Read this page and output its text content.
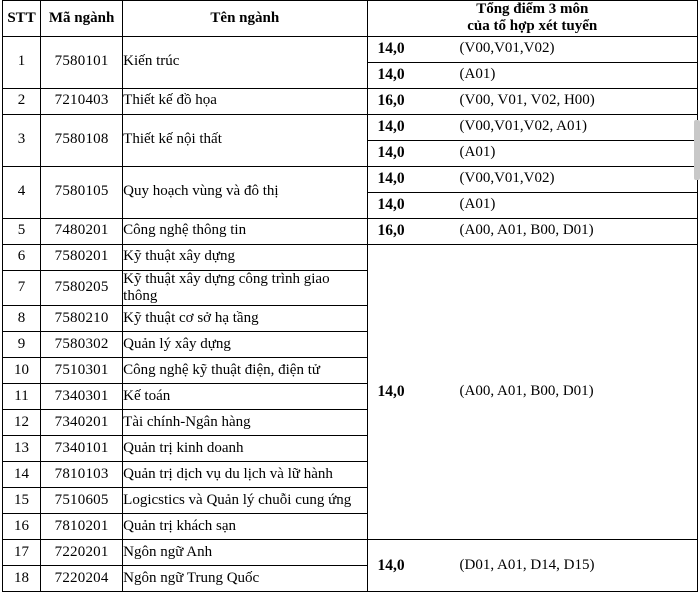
STT	Mã ngành	Tên ngành	Tổng điểm 3 môn
của tổ hợp xét tuyển

1	7580101	Kiến trúc	14,0 (V00,V01,V02)

			14,0 (A01)

2	7210403	Thiết kế đồ họa	16,0 (V00, V01, V02, H00)

3	7580108	Thiết kế nội thất	14,0 (V00,V01,V02, A01)

			14,0 (A01)

4	7580105	Quy hoạch vùng và đô thị	14,0 (V00,V01,V02)

			14,0 (A01)

5	7480201	Công nghệ thông tin	16,0 (A00, A01, B00, D01)

6	7580201	Kỹ thuật xây dựng	14,0 (A00, A01, B00, D01)

7	7580205	Kỹ thuật xây dựng công trình giao thông	
8	7580210	Kỹ thuật cơ sở hạ tầng	
9	7580302	Quản lý xây dựng	
10	7510301	Công nghệ kỹ thuật điện, điện tử	
11	7340301	Kế toán	
12	7340201	Tài chính-Ngân hàng	
13	7340101	Quản trị kinh doanh	
14	7810103	Quản trị dịch vụ du lịch và lữ hành	
15	7510605	Logicstics và Quản lý chuỗi cung ứng	
16	7810201	Quản trị khách sạn	
17	7220201	Ngôn ngữ Anh	14,0 (D01, A01, D14, D15)

18	7220204	Ngôn ngữ Trung Quốc	
